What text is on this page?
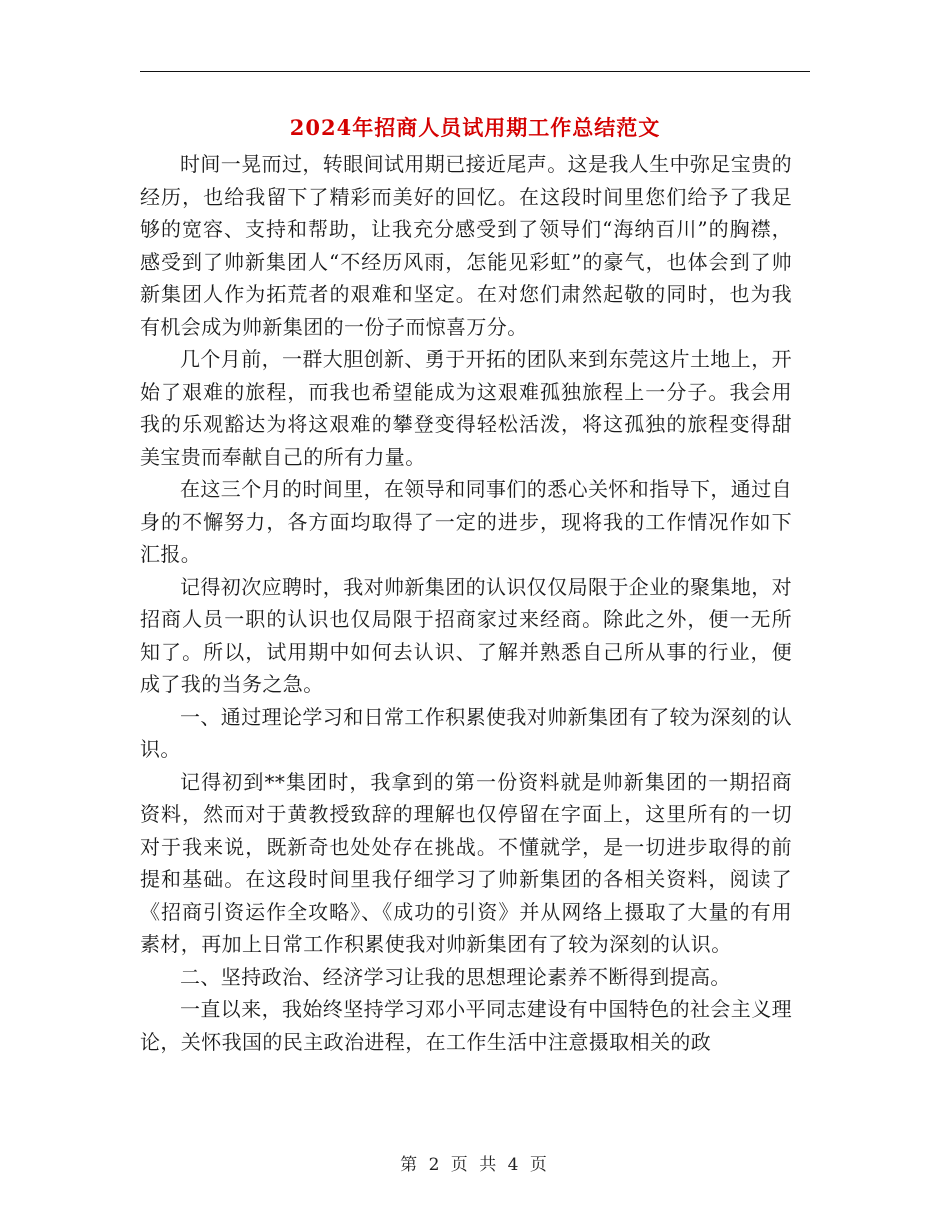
2024年招商人员试用期工作总结范文

时间一晃而过，转眼间试用期已接近尾声。这是我人生中弥足宝贵的经历，也给我留下了精彩而美好的回忆。在这段时间里您们给予了我足够的宽容、支持和帮助，让我充分感受到了领导们“海纳百川”的胸襟，感受到了帅新集团人“不经历风雨，怎能见彩虹”的豪气，也体会到了帅新集团人作为拓荒者的艰难和坚定。在对您们肃然起敬的同时，也为我有机会成为帅新集团的一份子而惊喜万分。

几个月前，一群大胆创新、勇于开拓的团队来到东莞这片土地上，开始了艰难的旅程，而我也希望能成为这艰难孤独旅程上一分子。我会用我的乐观豁达为将这艰难的攀登变得轻松活泼，将这孤独的旅程变得甜美宝贵而奉献自己的所有力量。

在这三个月的时间里，在领导和同事们的悉心关怀和指导下，通过自身的不懈努力，各方面均取得了一定的进步，现将我的工作情况作如下汇报。

记得初次应聘时，我对帅新集团的认识仅仅局限于企业的聚集地，对招商人员一职的认识也仅局限于招商家过来经商。除此之外，便一无所知了。所以，试用期中如何去认识、了解并熟悉自己所从事的行业，便成了我的当务之急。

一、通过理论学习和日常工作积累使我对帅新集团有了较为深刻的认识。

记得初到**集团时，我拿到的第一份资料就是帅新集团的一期招商资料，然而对于黄教授致辞的理解也仅停留在字面上，这里所有的一切对于我来说，既新奇也处处存在挑战。不懂就学，是一切进步取得的前提和基础。在这段时间里我仔细学习了帅新集团的各相关资料，阅读了《招商引资运作全攻略》、《成功的引资》并从网络上摄取了大量的有用素材，再加上日常工作积累使我对帅新集团有了较为深刻的认识。

二、坚持政治、经济学习让我的思想理论素养不断得到提高。

一直以来，我始终坚持学习邓小平同志建设有中国特色的社会主义理论，关怀我国的民主政治进程，在工作生活中注意摄取相关的政

第 2 页 共 4 页
